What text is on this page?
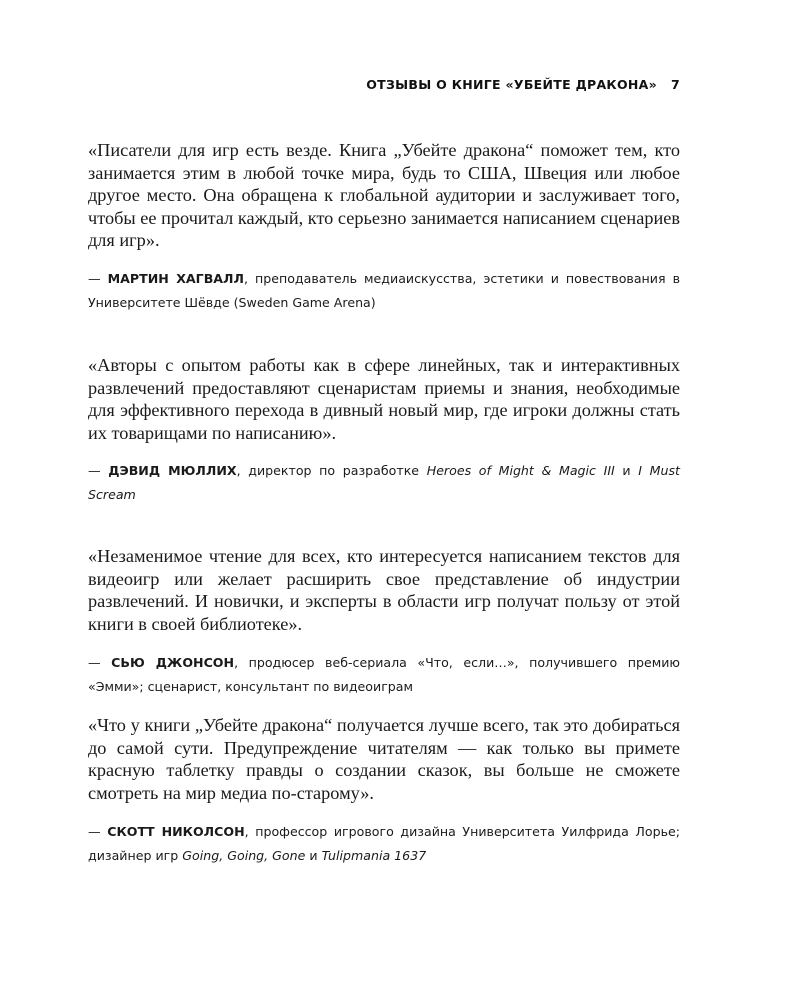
ОТЗЫВЫ О КНИГЕ «УБЕЙТЕ ДРАКОНА» 7
«Писатели для игр есть везде. Книга „Убейте дракона“ поможет тем, кто занимается этим в любой точке мира, будь то США, Швеция или любое другое место. Она обращена к глобальной аудитории и заслуживает того, чтобы ее прочитал каждый, кто серьезно занимается написанием сценариев для игр».
— МАРТИН ХАГВАЛЛ, преподаватель медиаискусства, эстетики и повествования в Университете Шёвде (Sweden Game Arena)
«Авторы с опытом работы как в сфере линейных, так и интерактивных развлечений предоставляют сценаристам приемы и знания, необходимые для эффективного перехода в дивный новый мир, где игроки должны стать их товарищами по написанию».
— ДЭВИД МЮЛЛИХ, директор по разработке Heroes of Might & Magic III и I Must Scream
«Незаменимое чтение для всех, кто интересуется написанием текстов для видеоигр или желает расширить свое представление об индустрии развлечений. И новички, и эксперты в области игр получат пользу от этой книги в своей библиотеке».
— СЬЮ ДЖОНСОН, продюсер веб-сериала «Что, если…», получившего премию «Эмми»; сценарист, консультант по видеоиграм
«Что у книги „Убейте дракона“ получается лучше всего, так это добираться до самой сути. Предупреждение читателям — как только вы примете красную таблетку правды о создании сказок, вы больше не сможете смотреть на мир медиа по-старому».
— СКОТТ НИКОЛСОН, профессор игрового дизайна Университета Уилфрида Лорье; дизайнер игр Going, Going, Gone и Tulipmania 1637
